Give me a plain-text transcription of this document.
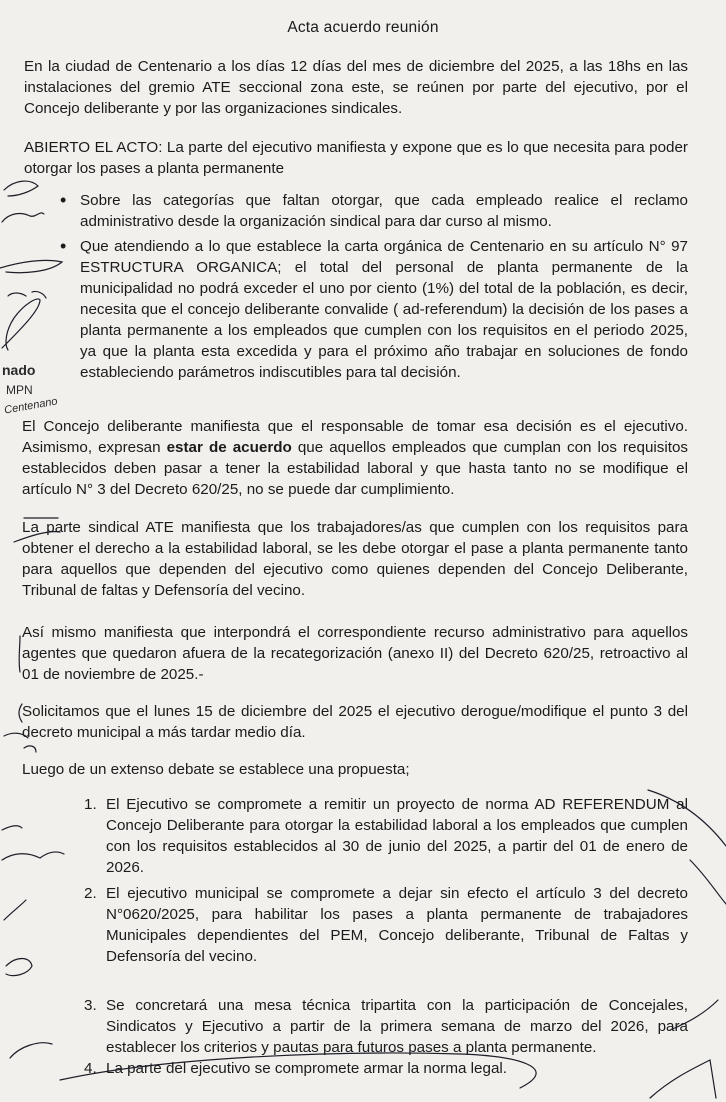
Acta acuerdo reunión
En la ciudad de Centenario a los días 12 días del mes de diciembre del 2025, a las 18hs en las instalaciones del gremio ATE seccional zona este, se reúnen por parte del ejecutivo, por el Concejo deliberante y por las organizaciones sindicales.
ABIERTO EL ACTO: La parte del ejecutivo manifiesta y expone que es lo que necesita para poder otorgar los pases a planta permanente
• Sobre las categorías que faltan otorgar, que cada empleado realice el reclamo administrativo desde la organización sindical para dar curso al mismo.
• Que atendiendo a lo que establece la carta orgánica de Centenario en su artículo N° 97 ESTRUCTURA ORGANICA; el total del personal de planta permanente de la municipalidad no podrá exceder el uno por ciento (1%) del total de la población, es decir, necesita que el concejo deliberante convalide ( ad-referendum) la decisión de los pases a planta permanente a los empleados que cumplen con los requisitos en el periodo 2025, ya que la planta esta excedida y para el próximo año trabajar en soluciones de fondo estableciendo parámetros indiscutibles para tal decisión.
El Concejo deliberante manifiesta que el responsable de tomar esa decisión es el ejecutivo. Asimismo, expresan estar de acuerdo que aquellos empleados que cumplan con los requisitos establecidos deben pasar a tener la estabilidad laboral y que hasta tanto no se modifique el artículo N° 3 del Decreto 620/25, no se puede dar cumplimiento.
La parte sindical ATE manifiesta que los trabajadores/as que cumplen con los requisitos para obtener el derecho a la estabilidad laboral, se les debe otorgar el pase a planta permanente tanto para aquellos que dependen del ejecutivo como quienes dependen del Concejo Deliberante, Tribunal de faltas y Defensoría del vecino.
Así mismo manifiesta que interpondrá el correspondiente recurso administrativo para aquellos agentes que quedaron afuera de la recategorización (anexo II) del Decreto 620/25, retroactivo al 01 de noviembre de 2025.-
Solicitamos que el lunes 15 de diciembre del 2025 el ejecutivo derogue/modifique el punto 3 del decreto municipal a más tardar medio día.
Luego de un extenso debate se establece una propuesta;
1. El Ejecutivo se compromete a remitir un proyecto de norma AD REFERENDUM al Concejo Deliberante para otorgar la estabilidad laboral a los empleados que cumplen con los requisitos establecidos al 30 de junio del 2025, a partir del 01 de enero de 2026.
2. El ejecutivo municipal se compromete a dejar sin efecto el artículo 3 del decreto N°0620/2025, para habilitar los pases a planta permanente de trabajadores Municipales dependientes del PEM, Concejo deliberante, Tribunal de Faltas y Defensoría del vecino.
3. Se concretará una mesa técnica tripartita con la participación de Concejales, Sindicatos y Ejecutivo a partir de la primera semana de marzo del 2026, para establecer los criterios y pautas para futuros pases a planta permanente.
4. La parte del ejecutivo se compromete armar la norma legal.
nado
MPN
Centenano
